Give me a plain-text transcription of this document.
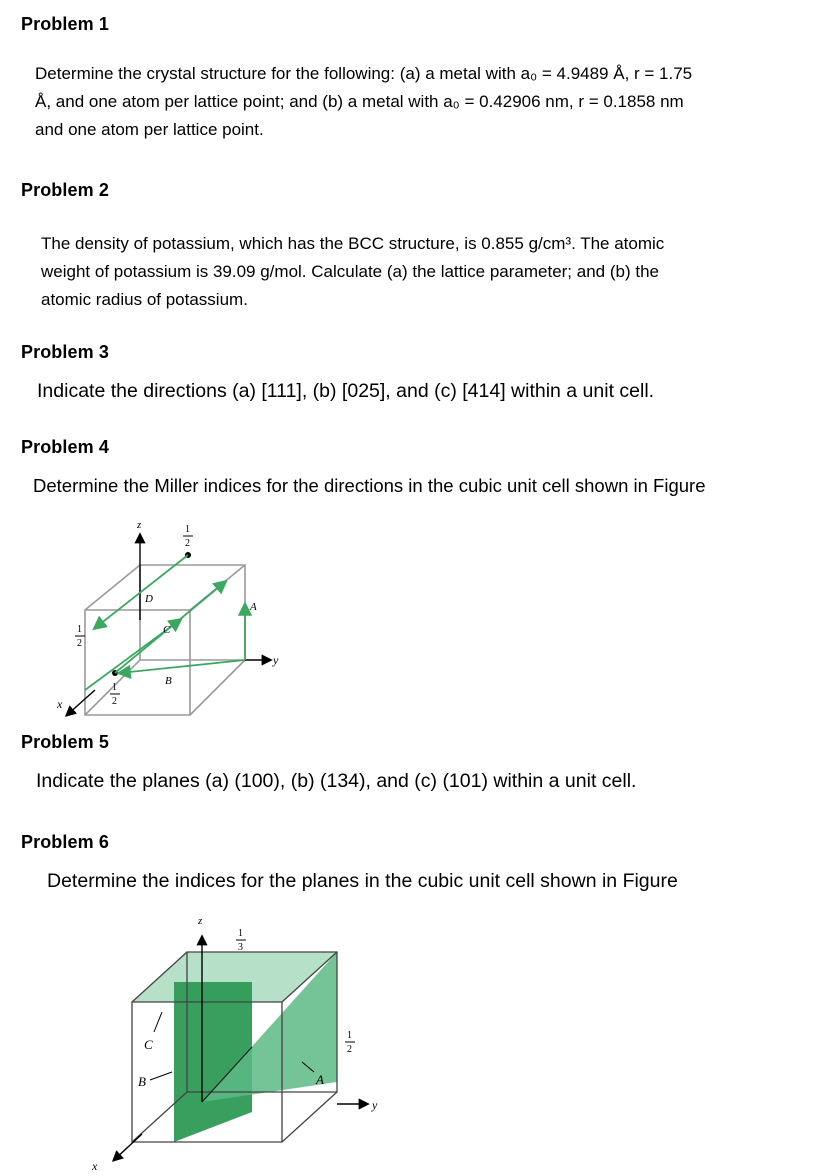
Problem 1
Determine the crystal structure for the following: (a) a metal with a₀ = 4.9489 Å, r = 1.75
Å, and one atom per lattice point; and (b) a metal with a₀ = 0.42906 nm, r = 0.1858 nm
and one atom per lattice point.
Problem 2
The density of potassium, which has the BCC structure, is 0.855 g/cm³. The atomic
weight of potassium is 39.09 g/mol. Calculate (a) the lattice parameter; and (b) the
atomic radius of potassium.
Problem 3
Indicate the directions (a) [111], (b) [025], and (c) [414] within a unit cell.
Problem 4
Determine the Miller indices for the directions in the cubic unit cell shown in Figure
z
y
x
1
2
1
2
1
2
A
B
C
D
Problem 5
Indicate the planes (a) (100), (b) (134), and (c) (101) within a unit cell.
Problem 6
Determine the indices for the planes in the cubic unit cell shown in Figure
z
y
x
1
3
1
2
C
B	A
